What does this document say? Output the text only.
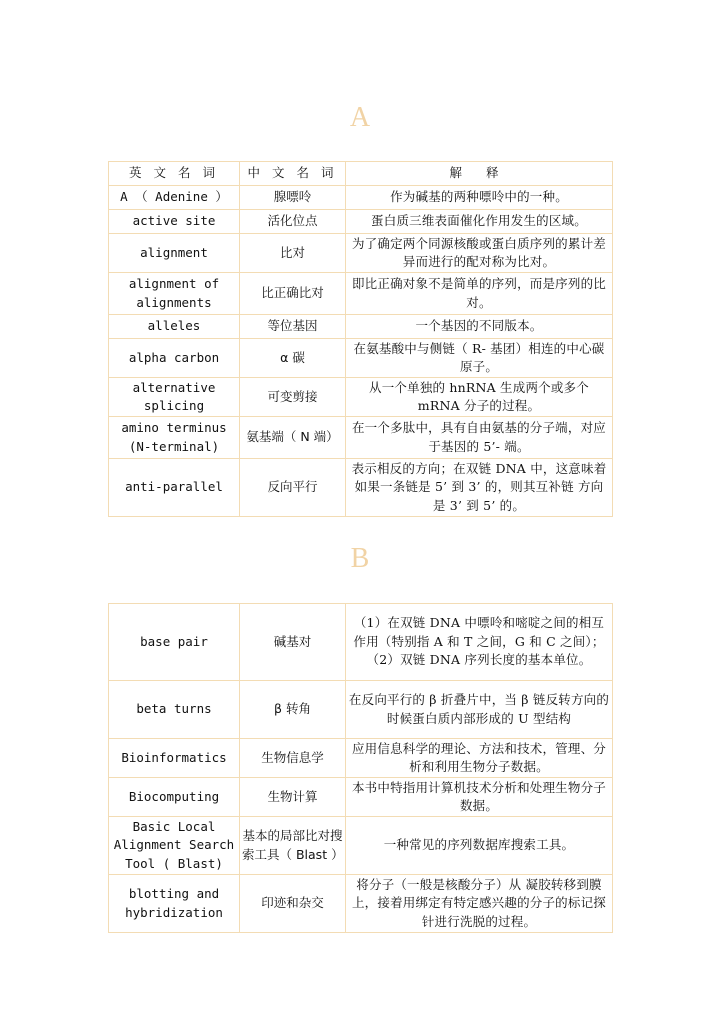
A
英 文 名 词	中 文 名 词	解 释
A （ Adenine ）	腺嘌呤	作为碱基的两种嘌呤中的一种。
active site	活化位点	蛋白质三维表面催化作用发生的区域。
alignment	比对	为了确定两个同源核酸或蛋白质序列的累计差异而进行的配对称为比对。
alignment of alignments	比正确比对	即比正确对象不是简单的序列，而是序列的比对。
alleles	等位基因	一个基因的不同版本。
alpha carbon	α 碳	在氨基酸中与侧链（ R- 基团）相连的中心碳原子。
alternative splicing	可变剪接	从一个单独的 hnRNA 生成两个或多个 mRNA 分子的过程。
amino terminus (N-terminal)	氨基端（ N 端）	在一个多肽中，具有自由氨基的分子端，对应于基因的 5’- 端。
anti-parallel	反向平行	表示相反的方向；在双链 DNA 中，这意味着如果一条链是 5’ 到 3’ 的，则其互补链 方向 是 3’ 到 5’ 的。
B
base pair	碱基对	（1）在双链 DNA 中嘌呤和嘧啶之间的相互作用（特别指 A 和 T 之间，G 和 C 之间）；（2）双链 DNA 序列长度的基本单位。
beta turns	β 转角	在反向平行的 β 折叠片中，当 β 链反转方向的时候蛋白质内部形成的 U 型结构
Bioinformatics	生物信息学	应用信息科学的理论、方法和技术，管理、分析和利用生物分子数据。
Biocomputing	生物计算	本书中特指用计算机技术分析和处理生物分子数据。
Basic Local Alignment Search Tool ( Blast)	基本的局部比对搜索工具（ Blast ）	一种常见的序列数据库搜索工具。
blotting and hybridization	印迹和杂交	将分子（一般是核酸分子）从 凝胶转移到膜上，接着用绑定有特定感兴趣的分子的标记探针进行洗脱的过程。
